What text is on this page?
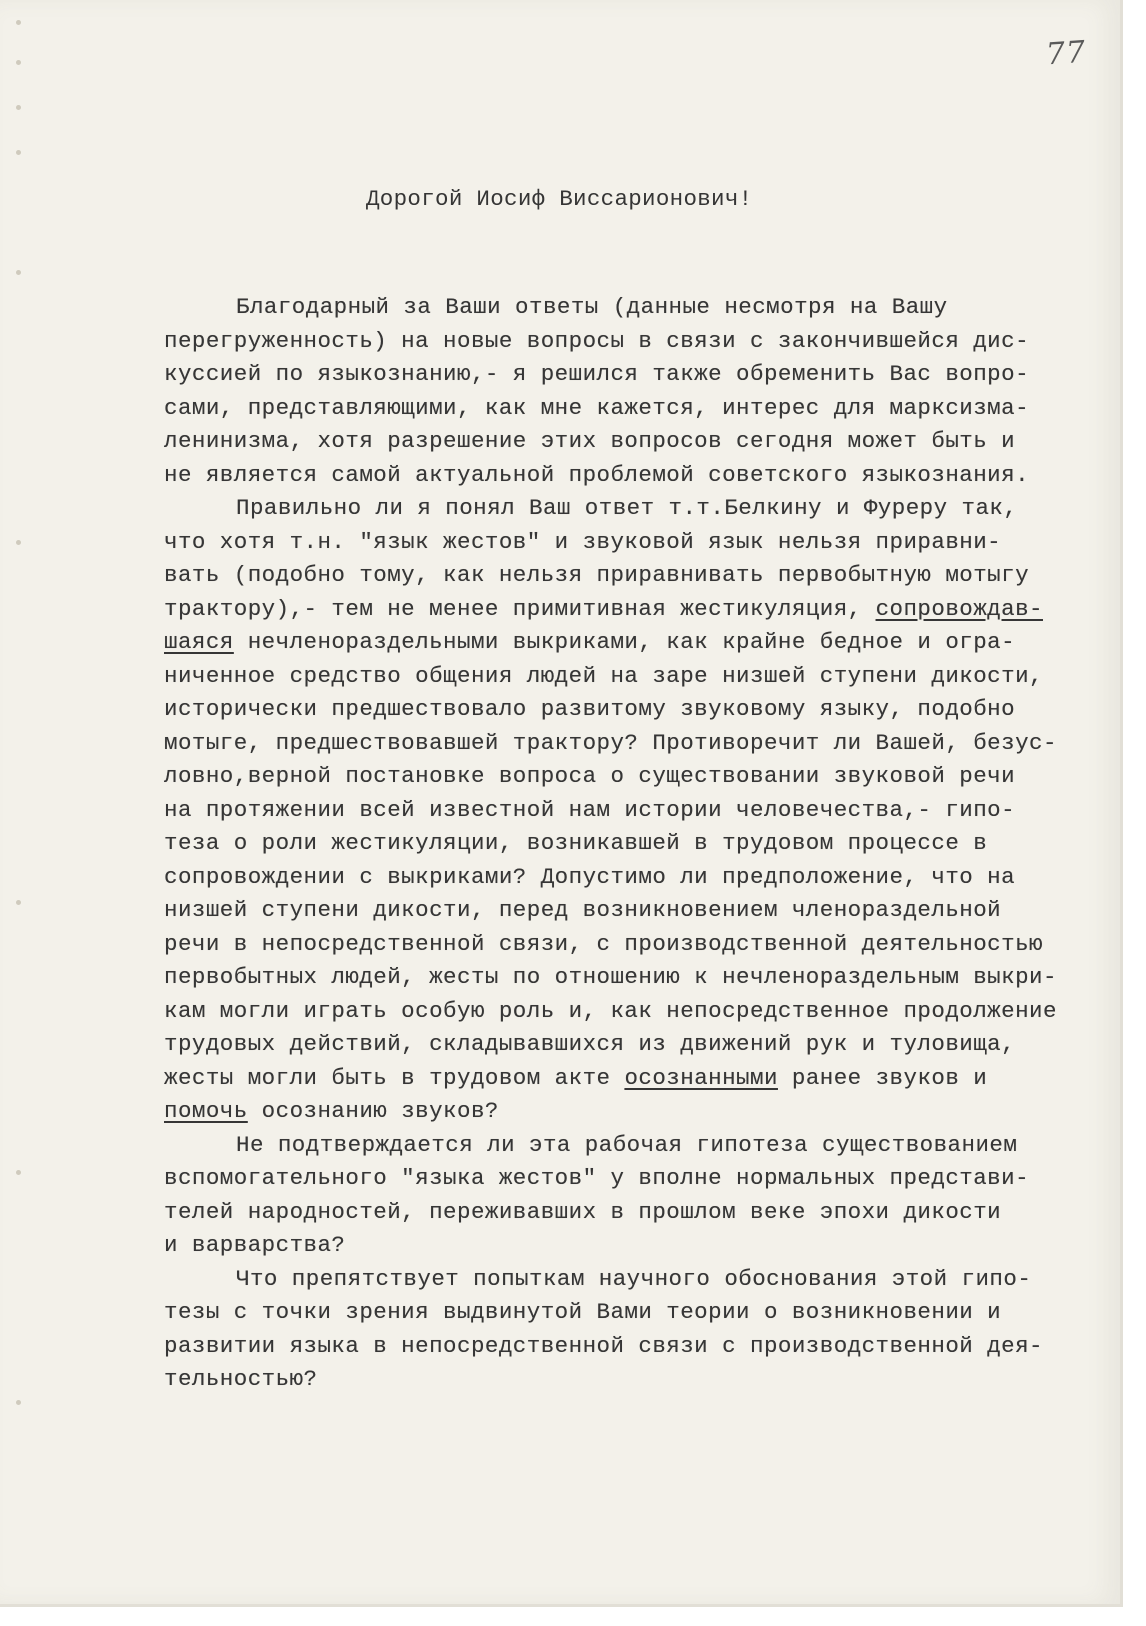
77
Дорогой Иосиф Виссарионович!
Благодарный за Ваши ответы (данные несмотря на Вашу
перегруженность) на новые вопросы в связи с закончившейся дис-
куссией по языкознанию,- я решился также обременить Вас вопро-
сами, представляющими, как мне кажется, интерес для марксизма-
ленинизма, хотя разрешение этих вопросов сегодня может быть и
не является самой актуальной проблемой советского языкознания.
Правильно ли я понял Ваш ответ т.т.Белкину и Фуреру так,
что хотя т.н. "язык жестов" и звуковой язык нельзя приравни-
вать (подобно тому, как нельзя приравнивать первобытную мотыгу
трактору),- тем не менее примитивная жестикуляция, сопровождав-
шаяся нечленораздельными выкриками, как крайне бедное и огра-
ниченное средство общения людей на заре низшей ступени дикости,
исторически предшествовало развитому звуковому языку, подобно
мотыге, предшествовавшей трактору? Противоречит ли Вашей, безус-
ловно,верной постановке вопроса о существовании звуковой речи
на протяжении всей известной нам истории человечества,- гипо-
теза о роли жестикуляции, возникавшей в трудовом процессе в
сопровождении с выкриками? Допустимо ли предположение, что на
низшей ступени дикости, перед возникновением членораздельной
речи в непосредственной связи, с производственной деятельностью
первобытных людей, жесты по отношению к нечленораздельным выкри-
кам могли играть особую роль и, как непосредственное продолжение
трудовых действий, складывавшихся из движений рук и туловища,
жесты могли быть в трудовом акте осознанными ранее звуков и
помочь осознанию звуков?
Не подтверждается ли эта рабочая гипотеза существованием
вспомогательного "языка жестов" у вполне нормальных представи-
телей народностей, переживавших в прошлом веке эпохи дикости
и варварства?
Что препятствует попыткам научного обоснования этой гипо-
тезы с точки зрения выдвинутой Вами теории о возникновении и
развитии языка в непосредственной связи с производственной дея-
тельностью?
